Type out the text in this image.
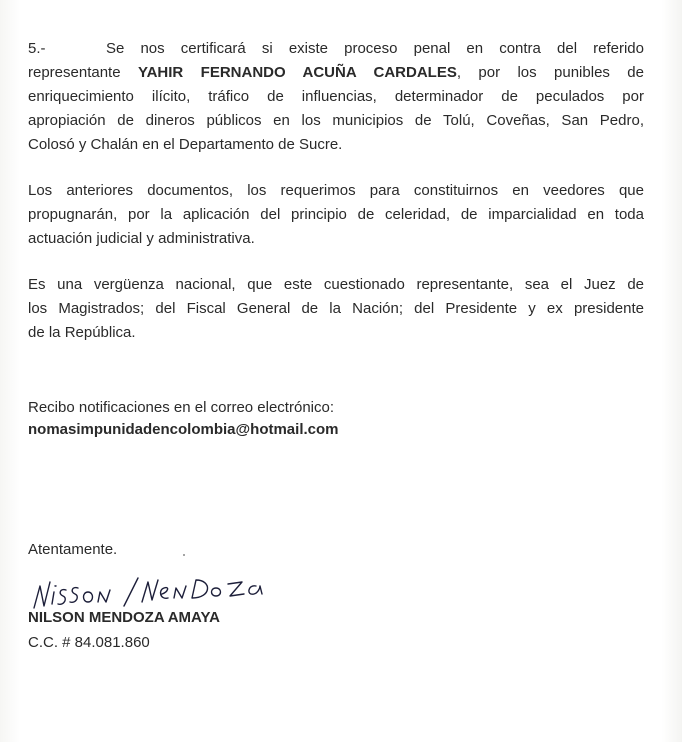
5.-	Se nos certificará si existe proceso penal en contra del referido
representante YAHIR FERNANDO ACUÑA CARDALES, por los punibles de
enriquecimiento ilícito, tráfico de influencias, determinador de peculados por
apropiación de dineros públicos en los municipios de Tolú, Coveñas, San Pedro,
Colosó y Chalán en el Departamento de Sucre.
Los anteriores documentos, los requerimos para constituirnos en veedores que
propugnarán, por la aplicación del principio de celeridad, de imparcialidad en toda
actuación judicial y administrativa.
Es una vergüenza nacional, que este cuestionado representante, sea el Juez de
los Magistrados; del Fiscal General de la Nación; del Presidente y ex presidente
de la República.

Recibo notificaciones en el correo electrónico:

nomasimpunidadencolombia@hotmail.com

Atentamente.

NILSON MENDOZA AMAYA

C.C. # 84.081.860
